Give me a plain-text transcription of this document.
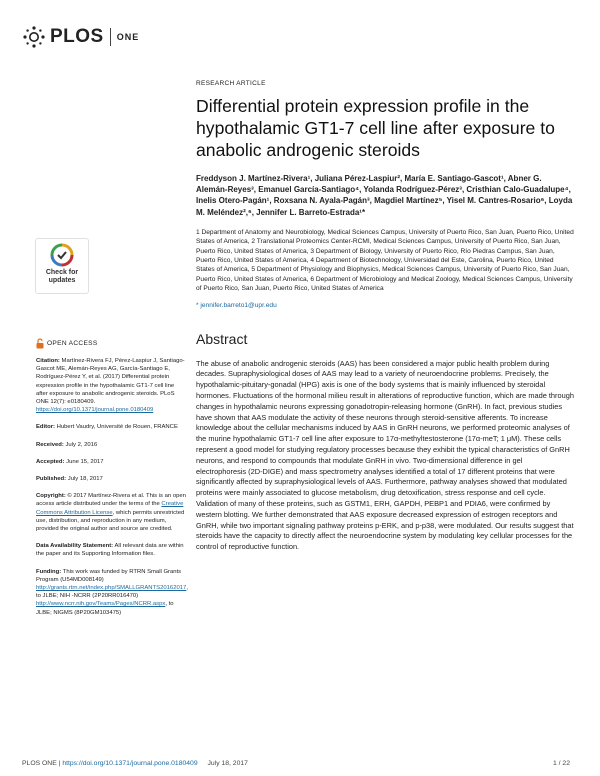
PLOS ONE
Check for updates
RESEARCH ARTICLE
Differential protein expression profile in the hypothalamic GT1-7 cell line after exposure to anabolic androgenic steroids
Freddyson J. Martínez-Rivera¹, Juliana Pérez-Laspiur², María E. Santiago-Gascot¹, Abner G. Alemán-Reyes³, Emanuel García-Santiago⁴, Yolanda Rodríguez-Pérez³, Cristhian Calo-Guadalupe⁴, Inelis Otero-Pagán¹, Roxsana N. Ayala-Pagán³, Magdiel Martínez⁵, Yisel M. Cantres-Rosario⁶, Loyda M. Meléndez²,⁶, Jennifer L. Barreto-Estrada¹*
1 Department of Anatomy and Neurobiology, Medical Sciences Campus, University of Puerto Rico, San Juan, Puerto Rico, United States of America, 2 Translational Proteomics Center-RCMI, Medical Sciences Campus, University of Puerto Rico, San Juan, Puerto Rico, United States of America, 3 Department of Biology, University of Puerto Rico, Río Piedras Campus, San Juan, Puerto Rico, United States of America, 4 Department of Biotechnology, Universidad del Este, Carolina, Puerto Rico, United States of America, 5 Department of Physiology and Biophysics, Medical Sciences Campus, University of Puerto Rico, San Juan, Puerto Rico, United States of America, 6 Department of Microbiology and Medical Zoology, Medical Sciences Campus, University of Puerto Rico, San Juan, Puerto Rico, United States of America
* jennifer.barreto1@upr.edu
Abstract

The abuse of anabolic androgenic steroids (AAS) has been considered a major public health problem during decades. Supraphysiological doses of AAS may lead to a variety of neuroendocrine problems. Precisely, the hypothalamic-pituitary-gonadal (HPG) axis is one of the body systems that is mainly influenced by steroidal hormones. Fluctuations of the hormonal milieu result in alterations of reproductive function, which are made through changes in hypothalamic neurons expressing gonadotropin-releasing hormone (GnRH). In fact, previous studies have shown that AAS modulate the activity of these neurons through steroid-sensitive afferents. To increase knowledge about the cellular mechanisms induced by AAS in GnRH neurons, we performed proteomic analyses of the murine hypothalamic GT1-7 cell line after exposure to 17α-methyltestosterone (17α-meT; 1 μM). These cells represent a good model for studying regulatory processes because they exhibit the typical characteristics of GnRH neurons, and respond to compounds that modulate GnRH in vivo. Two-dimensional difference in gel electrophoresis (2D-DIGE) and mass spectrometry analyses identified a total of 17 different proteins that were significantly affected by supraphysiological levels of AAS. Furthermore, pathway analyses showed that modulated proteins were mainly associated to glucose metabolism, drug detoxification, stress response and cell cycle. Validation of many of these proteins, such as GSTM1, ERH, GAPDH, PEBP1 and PDIA6, were confirmed by western blotting. We further demonstrated that AAS exposure decreased expression of estrogen receptors and GnRH, while two important signaling pathway proteins p-ERK, and p-p38, were modulated. Our results suggest that steroids have the capacity to directly affect the neuroendocrine system by modulating key cellular processes for the control of reproductive function.

OPEN ACCESS
Citation: Martínez-Rivera FJ, Pérez-Laspiur J, Santiago-Gascot ME, Alemán-Reyes AG, García-Santiago E, Rodríguez-Pérez Y, et al. (2017) Differential protein expression profile in the hypothalamic GT1-7 cell line after exposure to anabolic androgenic steroids. PLoS ONE 12(7): e0180409. https://doi.org/10.1371/journal.pone.0180409
Editor: Hubert Vaudry, Université de Rouen, FRANCE
Received: July 2, 2016
Accepted: June 15, 2017
Published: July 18, 2017
Copyright: © 2017 Martínez-Rivera et al. This is an open access article distributed under the terms of the Creative Commons Attribution License, which permits unrestricted use, distribution, and reproduction in any medium, provided the original author and source are credited.
Data Availability Statement: All relevant data are within the paper and its Supporting Information files.
Funding: This work was funded by RTRN Small Grants Program (U54MD008149) http://grants.rtrn.net/index.php/SMALLGRANTS20162017, to JLBE; NIH -NCRR (2P20RR016470) http://www.ncrr.nih.gov/Teams/Pages/NCRR.aspx, to JLBE; NIGMS (8P20GM103475)
PLOS ONE | https://doi.org/10.1371/journal.pone.0180409 July 18, 2017	1 / 22
